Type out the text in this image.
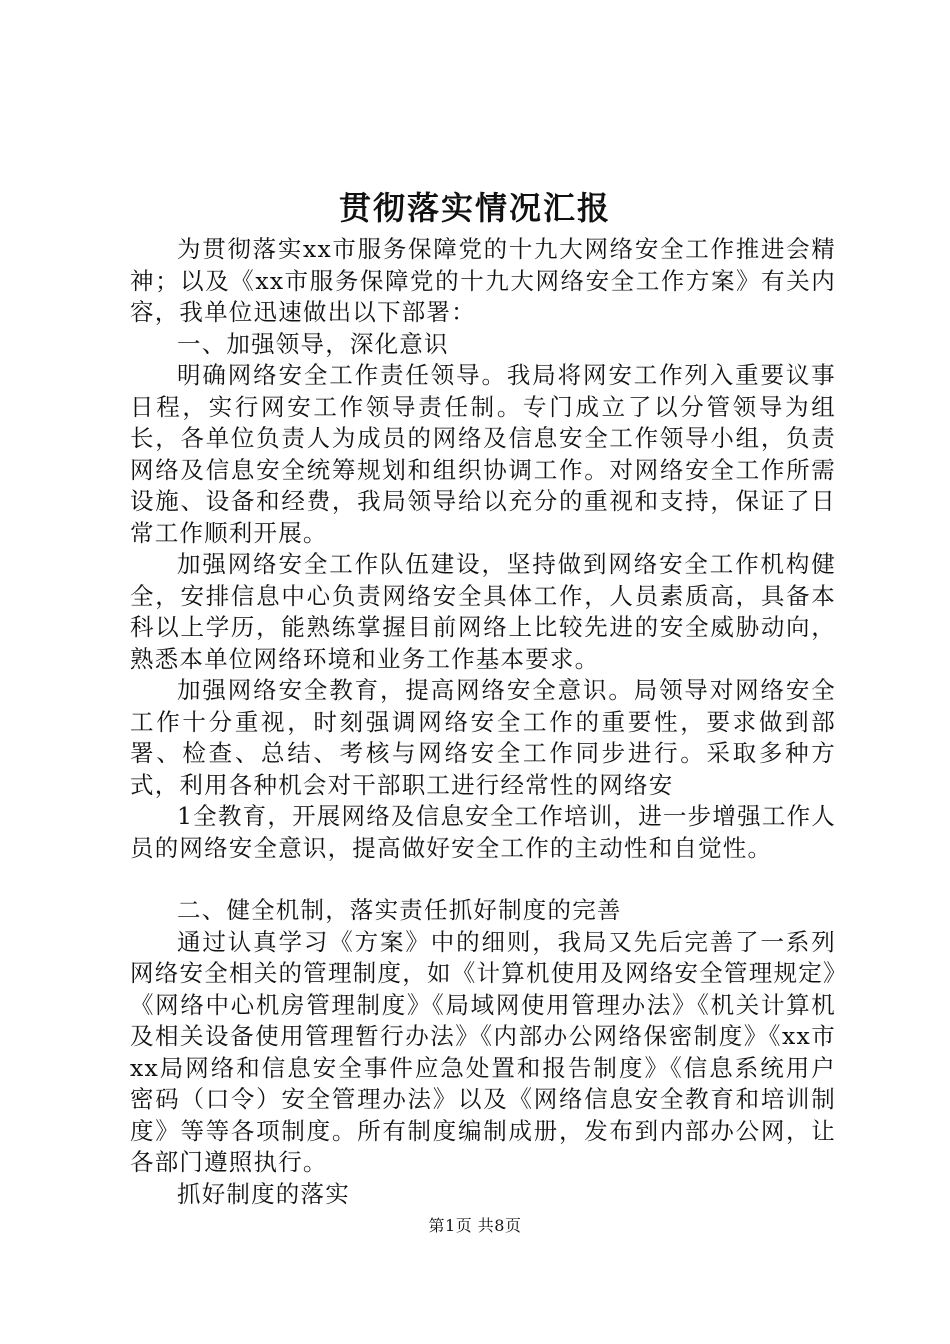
贯彻落实情况汇报

为贯彻落实xx市服务保障党的十九大网络安全工作推进会精神；以及《xx市服务保障党的十九大网络安全工作方案》有关内容，我单位迅速做出以下部署：

一、加强领导，深化意识

明确网络安全工作责任领导。我局将网安工作列入重要议事日程，实行网安工作领导责任制。专门成立了以分管领导为组长，各单位负责人为成员的网络及信息安全工作领导小组，负责网络及信息安全统筹规划和组织协调工作。对网络安全工作所需设施、设备和经费，我局领导给以充分的重视和支持，保证了日常工作顺利开展。

加强网络安全工作队伍建设，坚持做到网络安全工作机构健全，安排信息中心负责网络安全具体工作，人员素质高，具备本科以上学历，能熟练掌握目前网络上比较先进的安全威胁动向，熟悉本单位网络环境和业务工作基本要求。

加强网络安全教育，提高网络安全意识。局领导对网络安全工作十分重视，时刻强调网络安全工作的重要性，要求做到部署、检查、总结、考核与网络安全工作同步进行。采取多种方式，利用各种机会对干部职工进行经常性的网络安

1全教育，开展网络及信息安全工作培训，进一步增强工作人员的网络安全意识，提高做好安全工作的主动性和自觉性。

二、健全机制，落实责任抓好制度的完善

通过认真学习《方案》中的细则，我局又先后完善了一系列网络安全相关的管理制度，如《计算机使用及网络安全管理规定》《网络中心机房管理制度》《局域网使用管理办法》《机关计算机及相关设备使用管理暂行办法》《内部办公网络保密制度》《xx市xx局网络和信息安全事件应急处置和报告制度》《信息系统用户密码（口令）安全管理办法》以及《网络信息安全教育和培训制度》等等各项制度。所有制度编制成册，发布到内部办公网，让各部门遵照执行。

抓好制度的落实

第1页 共8页
